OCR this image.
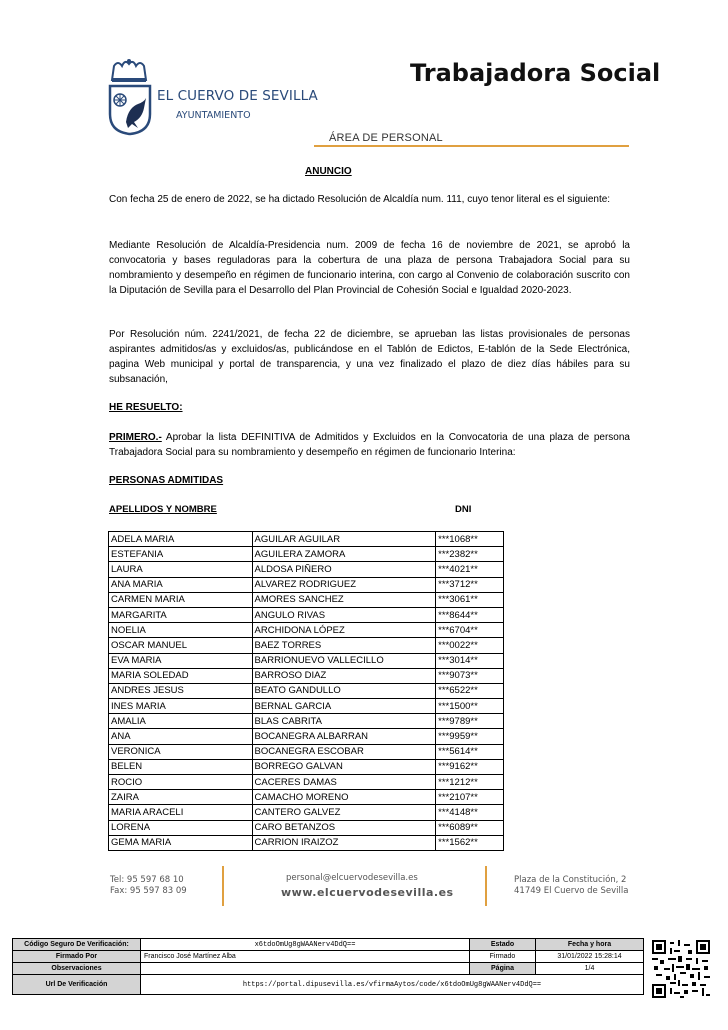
EL CUERVO DE SEVILLA
AYUNTAMIENTO
Trabajadora Social
ÁREA DE PERSONAL
ANUNCIO
Con fecha 25 de enero de 2022, se ha dictado Resolución de Alcaldía num. 111, cuyo tenor literal es el siguiente:
Mediante Resolución de Alcaldía-Presidencia num. 2009 de fecha 16 de noviembre de 2021, se aprobó la convocatoria y bases reguladoras para la cobertura de una plaza de persona Trabajadora Social para su nombramiento y desempeño en régimen de funcionario interina, con cargo al Convenio de colaboración suscrito con la Diputación de Sevilla para el Desarrollo del Plan Provincial de Cohesión Social e Igualdad 2020-2023.
Por Resolución núm. 2241/2021, de fecha 22 de diciembre, se aprueban las listas provisionales de personas aspirantes admitidos/as y excluidos/as, publicándose en el Tablón de Edictos, E-tablón de la Sede Electrónica, pagina Web municipal y portal de transparencia, y una vez finalizado el plazo de diez días hábiles para su subsanación,
HE RESUELTO:
PRIMERO.- Aprobar la lista DEFINITIVA de Admitidos y Excluidos en la Convocatoria de una plaza de persona Trabajadora Social para su nombramiento y desempeño en régimen de funcionario Interina:
PERSONAS ADMITIDAS
APELLIDOS Y NOMBRE	DNI
ADELA MARIA	AGUILAR AGUILAR	***1068**
ESTEFANIA	AGUILERA ZAMORA	***2382**
LAURA	ALDOSA PIÑERO	***4021**
ANA MARIA	ALVAREZ RODRIGUEZ	***3712**
CARMEN MARIA	AMORES SANCHEZ	***3061**
MARGARITA	ANGULO RIVAS	***8644**
NOELIA	ARCHIDONA LÓPEZ	***6704**
OSCAR MANUEL	BAEZ TORRES	***0022**
EVA MARIA	BARRIONUEVO VALLECILLO	***3014**
MARIA SOLEDAD	BARROSO DIAZ	***9073**
ANDRES JESUS	BEATO GANDULLO	***6522**
INES MARIA	BERNAL GARCIA	***1500**
AMALIA	BLAS CABRITA	***9789**
ANA	BOCANEGRA ALBARRAN	***9959**
VERONICA	BOCANEGRA ESCOBAR	***5614**
BELEN	BORREGO GALVAN	***9162**
ROCIO	CACERES DAMAS	***1212**
ZAIRA	CAMACHO MORENO	***2107**
MARIA ARACELI	CANTERO GALVEZ	***4148**
LORENA	CARO BETANZOS	***6089**
GEMA MARIA	CARRION IRAIZOZ	***1562**
Tel: 95 597 68 10
Fax: 95 597 83 09
personal@elcuervodesevilla.es
www.elcuervodesevilla.es
Plaza de la Constitución, 2
41749 El Cuervo de Sevilla
Código Seguro De Verificación:	x6tdoOmUg8gWAANerv4DdQ==	Estado	Fecha y hora
Firmado Por	Francisco José Martínez Alba	Firmado	31/01/2022 15:28:14
Observaciones		Página	1/4
Url De Verificación	https://portal.dipusevilla.es/vfirmaAytos/code/x6tdoOmUg8gWAANerv4DdQ==		
